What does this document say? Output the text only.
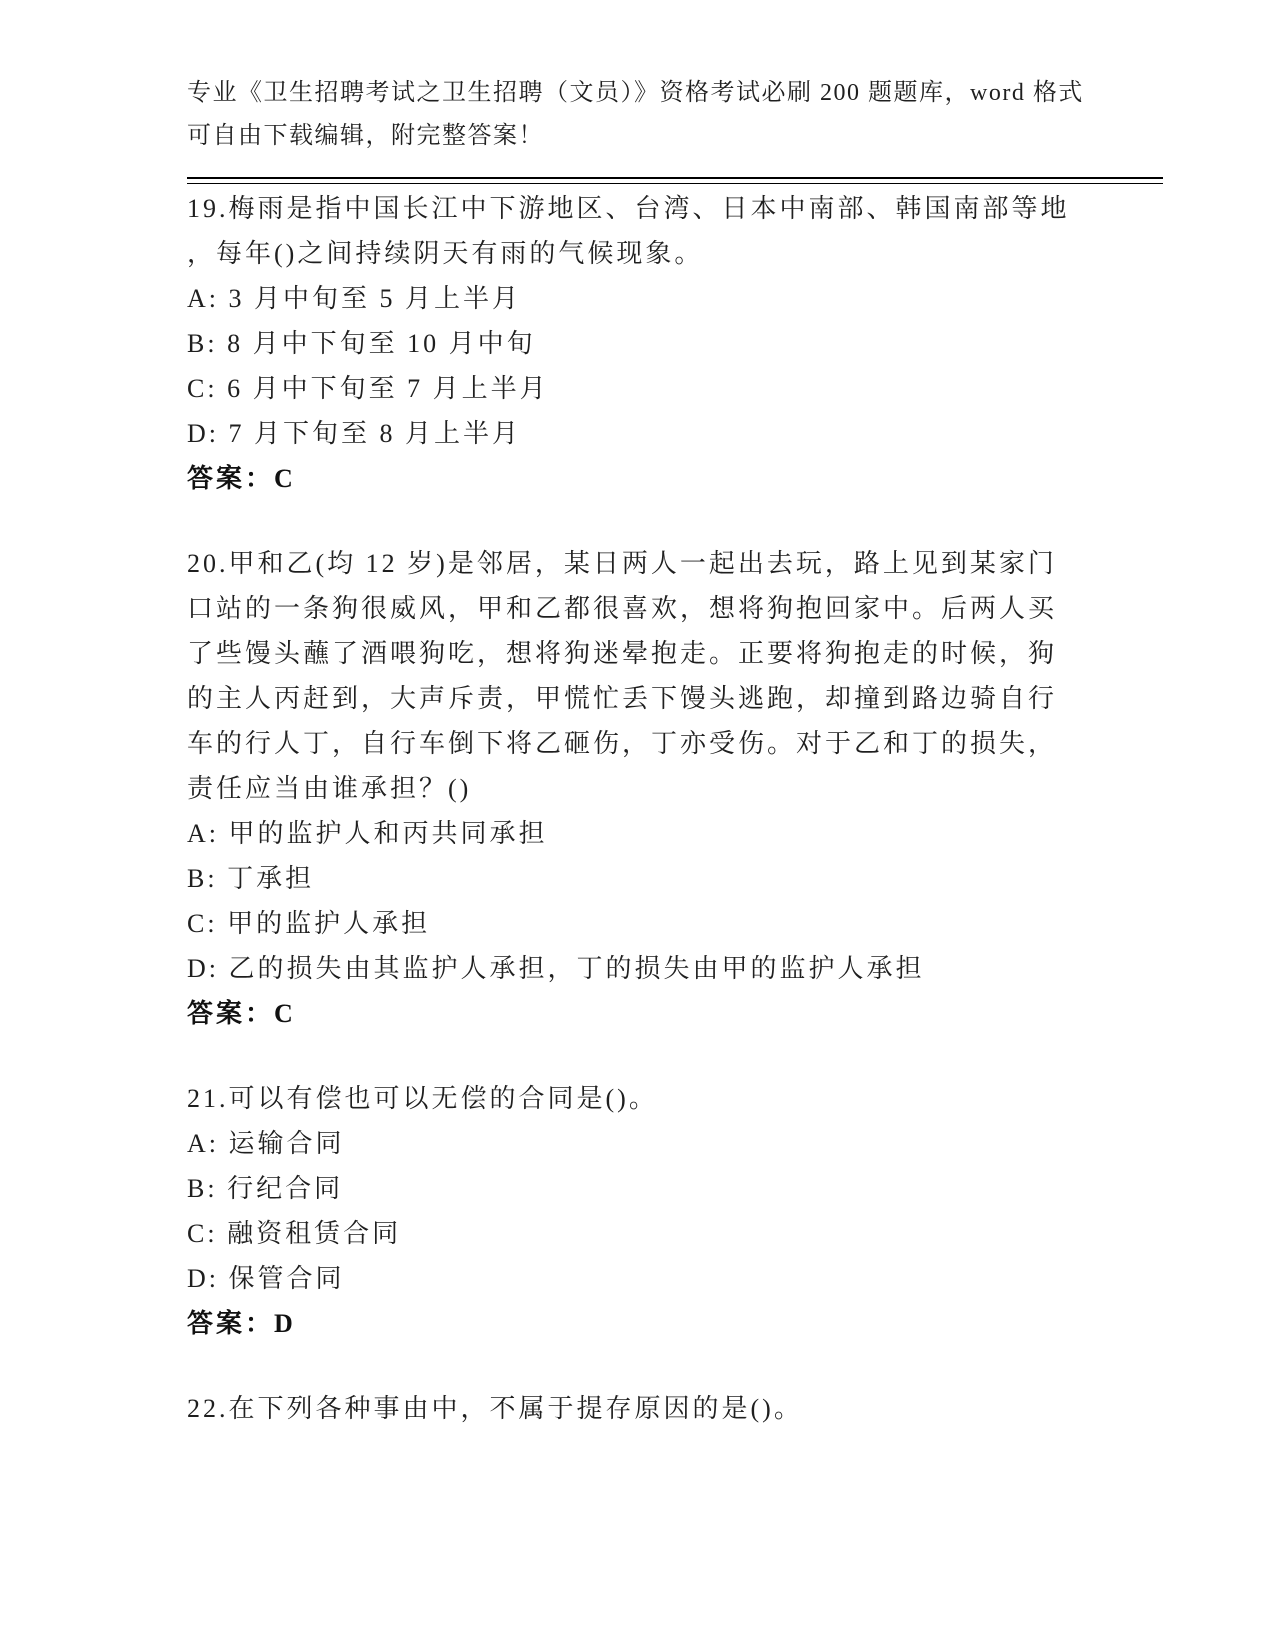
专业《卫生招聘考试之卫生招聘（文员）》资格考试必刷 200 题题库，word 格式
可自由下载编辑，附完整答案！
19.梅雨是指中国长江中下游地区、台湾、日本中南部、韩国南部等地
，每年()之间持续阴天有雨的气候现象。
A: 3 月中旬至 5 月上半月
B: 8 月中下旬至 10 月中旬
C: 6 月中下旬至 7 月上半月
D: 7 月下旬至 8 月上半月
答案：C
20.甲和乙(均 12 岁)是邻居，某日两人一起出去玩，路上见到某家门
口站的一条狗很威风，甲和乙都很喜欢，想将狗抱回家中。后两人买
了些馒头蘸了酒喂狗吃，想将狗迷晕抱走。正要将狗抱走的时候，狗
的主人丙赶到，大声斥责，甲慌忙丢下馒头逃跑，却撞到路边骑自行
车的行人丁，自行车倒下将乙砸伤，丁亦受伤。对于乙和丁的损失，
责任应当由谁承担？()
A: 甲的监护人和丙共同承担
B: 丁承担
C: 甲的监护人承担
D: 乙的损失由其监护人承担，丁的损失由甲的监护人承担
答案：C
21.可以有偿也可以无偿的合同是()。
A: 运输合同
B: 行纪合同
C: 融资租赁合同
D: 保管合同
答案：D
22.在下列各种事由中，不属于提存原因的是()。
